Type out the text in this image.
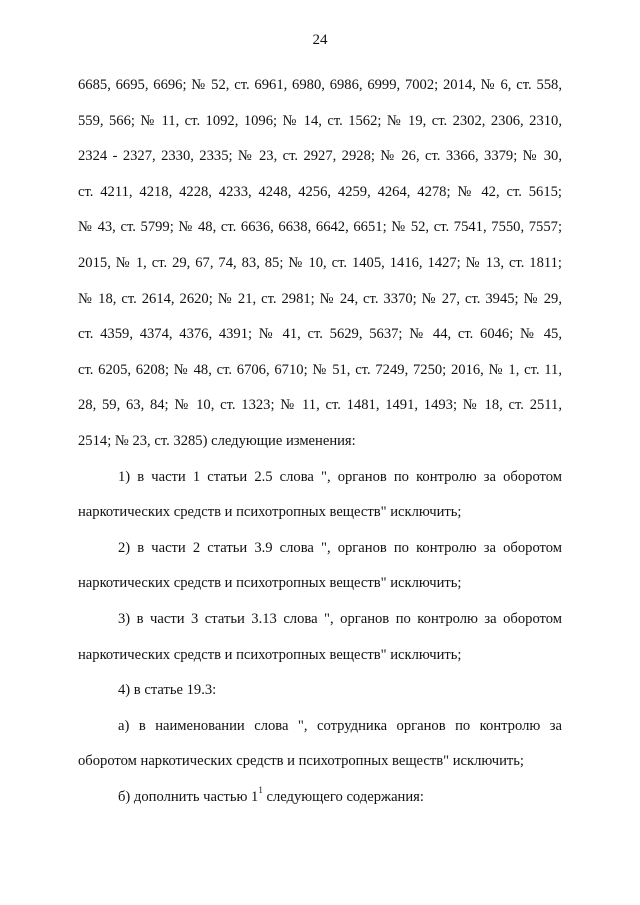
24
6685, 6695, 6696; № 52, ст. 6961, 6980, 6986, 6999, 7002; 2014, № 6, ст. 558,
559, 566; № 11, ст. 1092, 1096; № 14, ст. 1562; № 19, ст. 2302, 2306, 2310,
2324 - 2327, 2330, 2335; № 23, ст. 2927, 2928; № 26, ст. 3366, 3379; № 30,
ст. 4211, 4218, 4228, 4233, 4248, 4256, 4259, 4264, 4278; № 42, ст. 5615;
№ 43, ст. 5799; № 48, ст. 6636, 6638, 6642, 6651; № 52, ст. 7541, 7550, 7557;
2015, № 1, ст. 29, 67, 74, 83, 85; № 10, ст. 1405, 1416, 1427; № 13, ст. 1811;
№ 18, ст. 2614, 2620; № 21, ст. 2981; № 24, ст. 3370; № 27, ст. 3945; № 29,
ст. 4359, 4374, 4376, 4391; № 41, ст. 5629, 5637; № 44, ст. 6046; № 45,
ст. 6205, 6208; № 48, ст. 6706, 6710; № 51, ст. 7249, 7250; 2016, № 1, ст. 11,
28, 59, 63, 84; № 10, ст. 1323; № 11, ст. 1481, 1491, 1493; № 18, ст. 2511,
2514; № 23, ст. 3285) следующие изменения:
1) в части 1 статьи 2.5 слова ", органов по контролю за оборотом
наркотических средств и психотропных веществ" исключить;
2) в части 2 статьи 3.9 слова ", органов по контролю за оборотом
наркотических средств и психотропных веществ" исключить;
3) в части 3 статьи 3.13 слова ", органов по контролю за оборотом
наркотических средств и психотропных веществ" исключить;
4) в статье 19.3:
а) в наименовании слова ", сотрудника органов по контролю за
оборотом наркотических средств и психотропных веществ" исключить;
б) дополнить частью $1^1$ следующего содержания:
